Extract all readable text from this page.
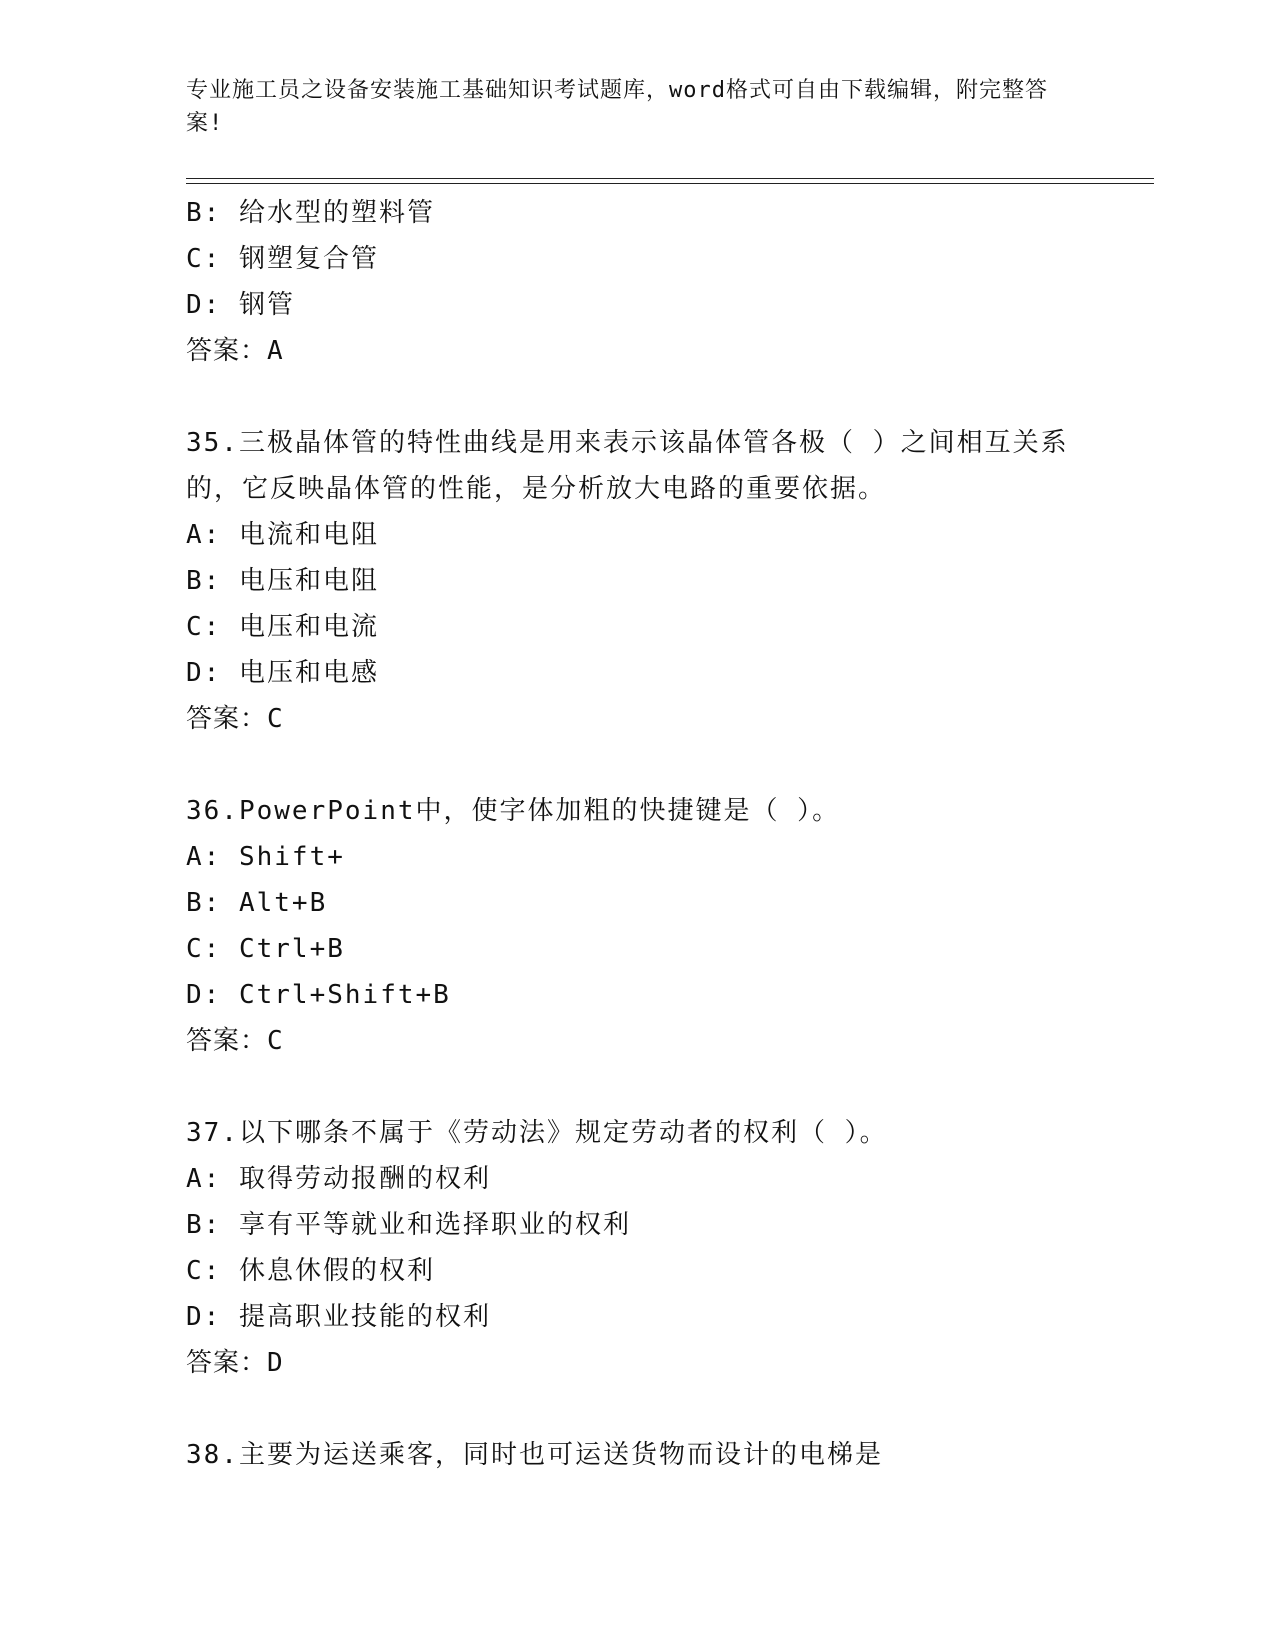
专业施工员之设备安装施工基础知识考试题库，word格式可自由下载编辑，附完整答案!
B: 给水型的塑料管
C: 钢塑复合管
D: 钢管
答案：A
35.三极晶体管的特性曲线是用来表示该晶体管各极（ ）之间相互关系的，它反映晶体管的性能，是分析放大电路的重要依据。
A: 电流和电阻
B: 电压和电阻
C: 电压和电流
D: 电压和电感
答案：C
36.PowerPoint中，使字体加粗的快捷键是（ ）。
A: Shift+
B: Alt+B
C: Ctrl+B
D: Ctrl+Shift+B
答案：C
37.以下哪条不属于《劳动法》规定劳动者的权利（ ）。
A: 取得劳动报酬的权利
B: 享有平等就业和选择职业的权利
C: 休息休假的权利
D: 提高职业技能的权利
答案：D
38.主要为运送乘客，同时也可运送货物而设计的电梯是
